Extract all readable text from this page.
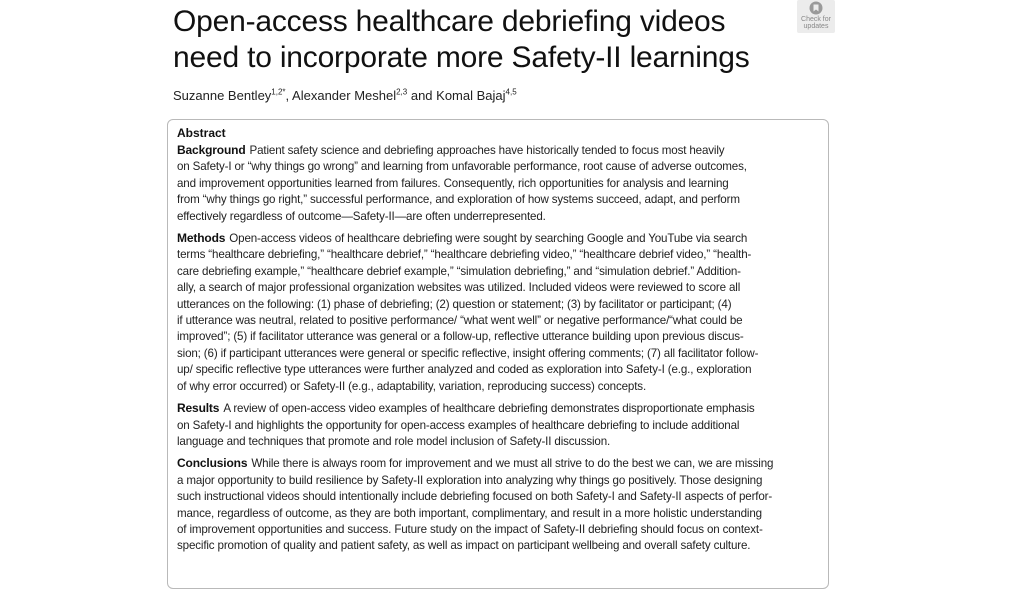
Open-access healthcare debriefing videos
need to incorporate more Safety-II learnings
Check for
updates
Suzanne Bentley$^{1,2*}$, Alexander Meshel$^{2,3}$ and Komal Bajaj$^{4,5}$
Abstract
Background Patient safety science and debriefing approaches have historically tended to focus most heavily
on Safety-I or “why things go wrong” and learning from unfavorable performance, root cause of adverse outcomes,
and improvement opportunities learned from failures. Consequently, rich opportunities for analysis and learning
from “why things go right,” successful performance, and exploration of how systems succeed, adapt, and perform
effectively regardless of outcome—Safety-II—are often underrepresented.
Methods Open-access videos of healthcare debriefing were sought by searching Google and YouTube via search
terms “healthcare debriefing,” “healthcare debrief,” “healthcare debriefing video,” “healthcare debrief video,” “health-
care debriefing example,” “healthcare debrief example,” “simulation debriefing,” and “simulation debrief.” Addition-
ally, a search of major professional organization websites was utilized. Included videos were reviewed to score all
utterances on the following: (1) phase of debriefing; (2) question or statement; (3) by facilitator or participant; (4)
if utterance was neutral, related to positive performance/ “what went well” or negative performance/“what could be
improved”; (5) if facilitator utterance was general or a follow-up, reflective utterance building upon previous discus-
sion; (6) if participant utterances were general or specific reflective, insight offering comments; (7) all facilitator follow-
up/ specific reflective type utterances were further analyzed and coded as exploration into Safety-I (e.g., exploration
of why error occurred) or Safety-II (e.g., adaptability, variation, reproducing success) concepts.
Results A review of open-access video examples of healthcare debriefing demonstrates disproportionate emphasis
on Safety-I and highlights the opportunity for open-access examples of healthcare debriefing to include additional
language and techniques that promote and role model inclusion of Safety-II discussion.
Conclusions While there is always room for improvement and we must all strive to do the best we can, we are missing
a major opportunity to build resilience by Safety-II exploration into analyzing why things go positively. Those designing
such instructional videos should intentionally include debriefing focused on both Safety-I and Safety-II aspects of perfor-
mance, regardless of outcome, as they are both important, complimentary, and result in a more holistic understanding
of improvement opportunities and success. Future study on the impact of Safety-II debriefing should focus on context-
specific promotion of quality and patient safety, as well as impact on participant wellbeing and overall safety culture.
